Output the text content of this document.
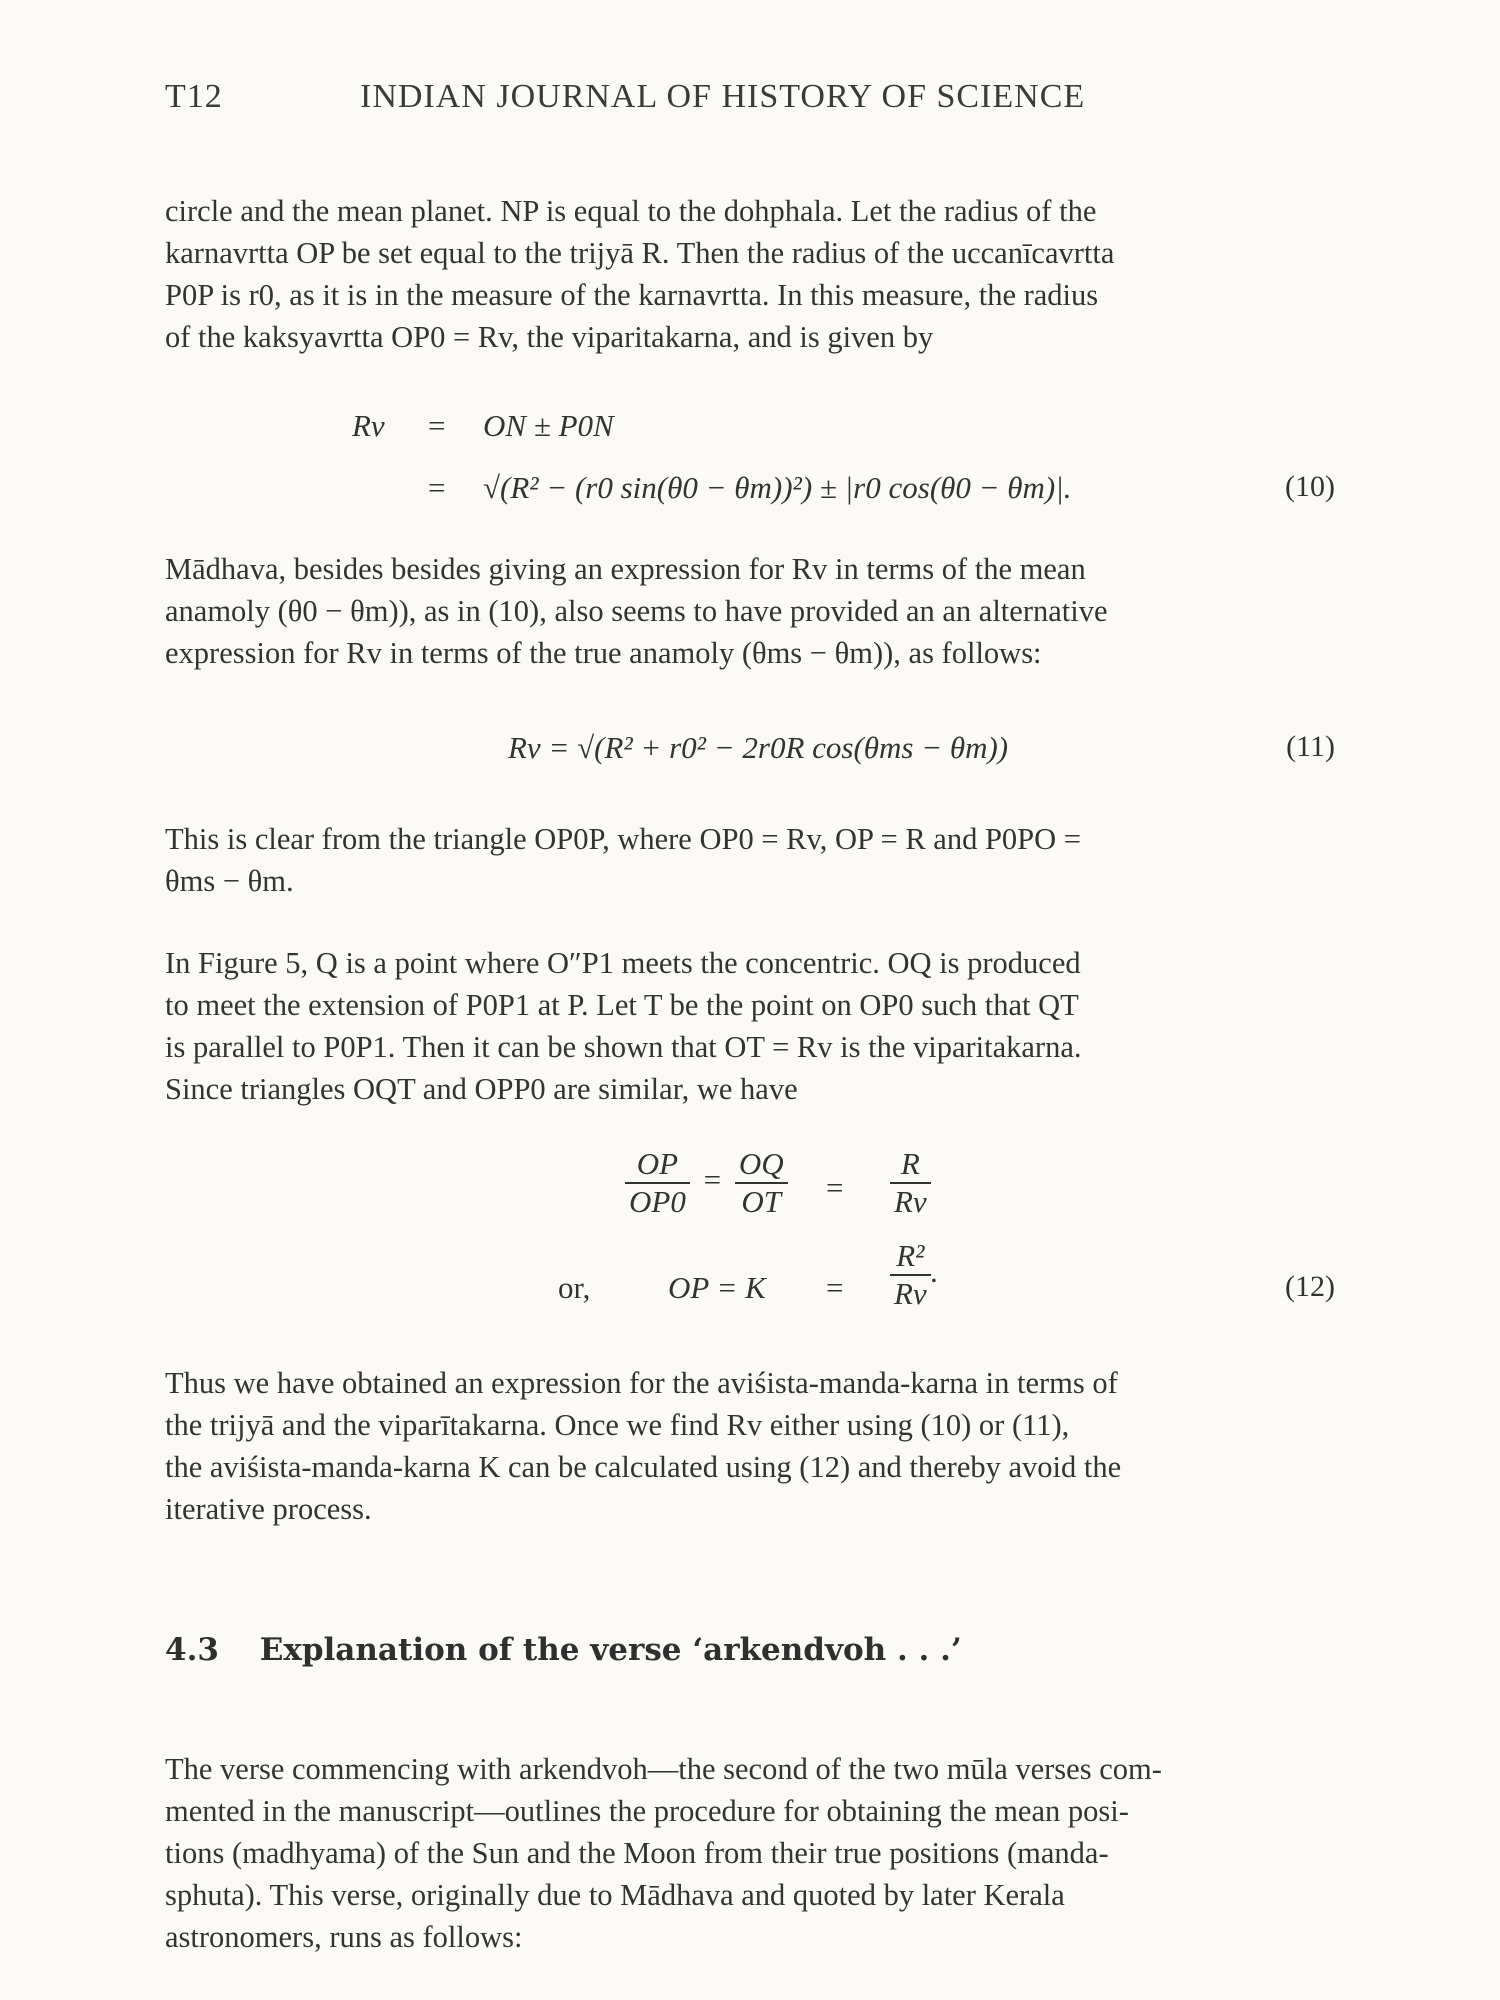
T12	INDIAN JOURNAL OF HISTORY OF SCIENCE
circle and the mean planet. NP is equal to the dohphala. Let the radius of the
karnavrtta OP be set equal to the trijyā R. Then the radius of the uccanīcavrtta
P0P is r0, as it is in the measure of the karnavrtta. In this measure, the radius
of the kaksyavrtta OP0 = Rv, the viparitakarna, and is given by
Rv = ON ± P0N
= √(R² − (r0 sin(θ0 − θm))²) ± |r0 cos(θ0 − θm)|.	(10)
Mādhava, besides besides giving an expression for Rv in terms of the mean
anamoly (θ0 − θm)), as in (10), also seems to have provided an an alternative
expression for Rv in terms of the true anamoly (θms − θm)), as follows:
Rv = √(R² + r0² − 2r0R cos(θms − θm))	(11)
This is clear from the triangle OP0P, where OP0 = Rv, OP = R and P0PO =
θms − θm.
In Figure 5, Q is a point where O″P1 meets the concentric. OQ is produced
to meet the extension of P0P1 at P. Let T be the point on OP0 such that QT
is parallel to P0P1. Then it can be shown that OT = Rv is the viparitakarna.
Since triangles OQT and OPP0 are similar, we have
$\frac{OP}{OP0} = \frac{OQ}{OT} = \frac{R}{Rv}$
or,	OP = $K = \frac{\text{R²}}{Rv}$ .	(12)
Thus we have obtained an expression for the aviśista-manda-karna in terms of
the trijyā and the viparītakarna. Once we find Rv either using (10) or (11),
the aviśista-manda-karna K can be calculated using (12) and thereby avoid the
iterative process.
4.3 Explanation of the verse ‘arkendvoh . . .’
The verse commencing with arkendvoh—the second of the two mūla verses com-
mented in the manuscript—outlines the procedure for obtaining the mean posi-
tions (madhyama) of the Sun and the Moon from their true positions (manda-
sphuta). This verse, originally due to Mādhava and quoted by later Kerala
astronomers, runs as follows:
